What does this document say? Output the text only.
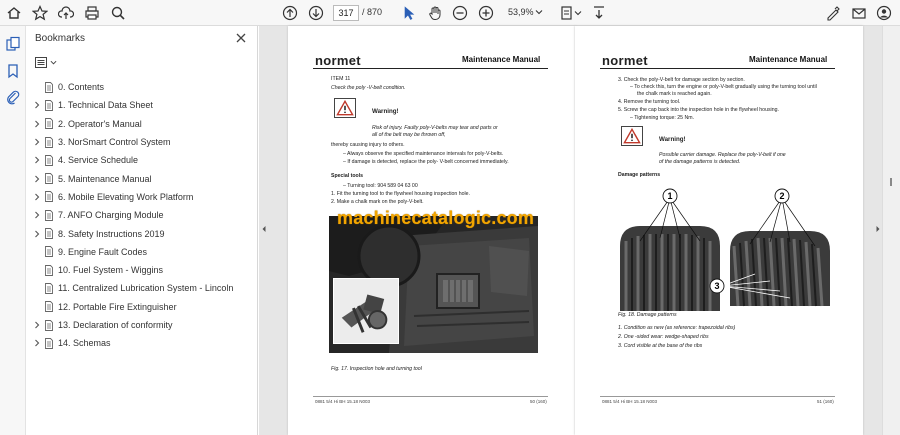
317 / 870	53,9%
Bookmarks
0. Contents
1. Technical Data Sheet
2. Operator's Manual
3. NorSmart Control System
4. Service Schedule
5. Maintenance Manual
6. Mobile Elevating Work Platform
7. ANFO Charging Module
8. Safety Instructions 2019
9. Engine Fault Codes
10. Fuel System - Wiggins
11. Centralized Lubrication System - Lincoln
12. Portable Fire Extinguisher
13. Declaration of conformity
14. Schemas
normet	Maintenance Manual
ITEM 11
Check the poly -V-belt condition.
Warning!
Risk of injury. Faulty poly-V-belts may tear and parts or
all of the belt may be thrown off,
thereby causing injury to others.
– Always observe the specified maintenance intervals for poly-V-belts.
– If damage is detected, replace the poly- V-belt concerned immediately.
Special tools
– Turning tool: 904 589 04 63 00
1. Fit the turning tool to the flywheel housing inspection hole.
2. Make a chalk mark on the poly-V-belt.
Fig. 17. Inspection hole and turning tool
0881 5/4 Hi BH 15.18 N003	50 (160)
normet	Maintenance Manual
3. Check the poly-V-belt for damage section by section.
– To check this, turn the engine or poly-V-belt gradually using the turning tool until
the chalk mark is reached again.
4. Remove the turning tool.
5. Screw the cap back into the inspection hole in the flywheel housing.
– Tightening torque: 25 Nm.
Warning!
Possible carrier damage. Replace the poly-V-belt if one
of the damage patterns is detected.
Damage patterns
1	2
3
Fig. 18. Damage patterns
1. Condition as new (as reference: trapezoidal ribs)
2. One -sided wear: wedge-shaped ribs
3. Cord visible at the base of the ribs
0881 5/4 Hi BH 15.18 N003	51 (160)
machinecatalogic.com
